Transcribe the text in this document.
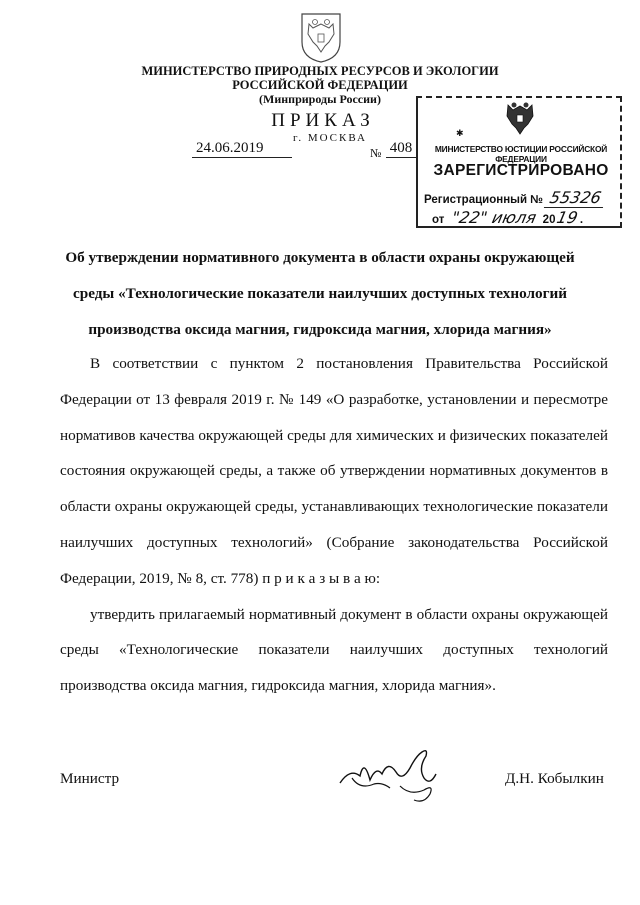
МИНИСТЕРСТВО ПРИРОДНЫХ РЕСУРСОВ И ЭКОЛОГИИ
РОССИЙСКОЙ ФЕДЕРАЦИИ
(Минприроды России)
ПРИКАЗ
г. МОСКВА
24.06.2019	№ 408
✱
МИНИСТЕРСТВО ЮСТИЦИИ РОССИЙСКОЙ ФЕДЕРАЦИИ
ЗАРЕГИСТРИРОВАНО
Регистрационный № 55326
от "22" июля 2019.
Об утверждении нормативного документа в области охраны окружающей
среды «Технологические показатели наилучших доступных технологий
производства оксида магния, гидроксида магния, хлорида магния»

В соответствии с пунктом 2 постановления Правительства Российской Федерации от 13 февраля 2019 г. № 149 «О разработке, установлении и пересмотре нормативов качества окружающей среды для химических и физических показателей состояния окружающей среды, а также об утверждении нормативных документов в области охраны окружающей среды, устанавливающих технологические показатели наилучших доступных технологий» (Собрание законодательства Российской Федерации, 2019, № 8, ст. 778) п р и к а з ы в а ю:

утвердить прилагаемый нормативный документ в области охраны окружающей среды «Технологические показатели наилучших доступных технологий производства оксида магния, гидроксида магния, хлорида магния».

Министр	Д.Н. Кобылкин
